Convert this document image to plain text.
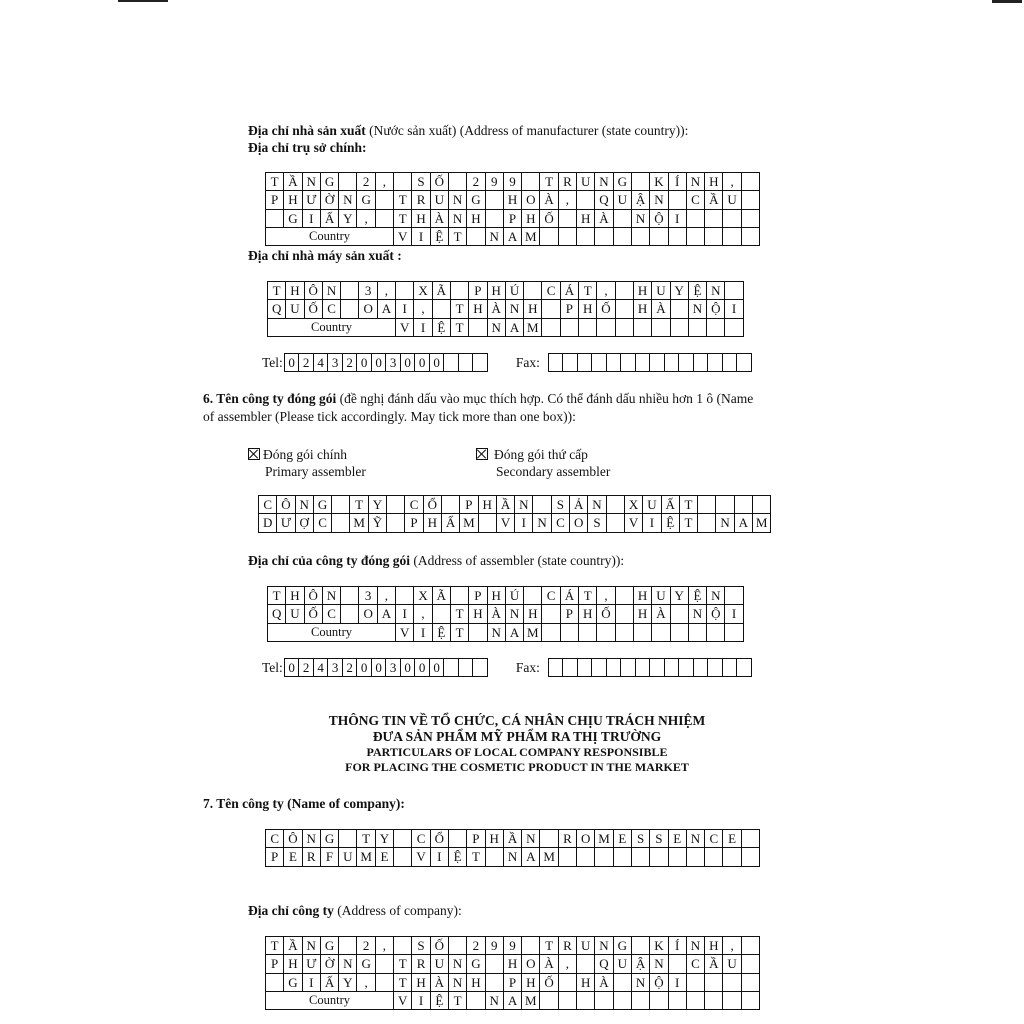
Địa chỉ nhà sản xuất (Nước sản xuất) (Address of manufacturer (state country)):
Địa chỉ trụ sở chính:
T Ầ N G	2	,	S Ố	2 9 9	T R U N G	K Í N H ,
P H Ư Ờ N G	T R U N G	H O À ,	Q U Ậ N	C Ầ U
G I Ấ Y ,	T H À N H	P H Ố	H À	N Ộ I
Country	V I Ệ T	N A M
Địa chỉ nhà máy sản xuất :
T H Ô N	3	,	X Ã	P H Ú	C Á T ,	H U Y Ệ N
Q U Ố C	O A I	,	T H À N H	P H Ố	H À	N Ộ I
Country	V I Ệ T	N A M
Tel: 0 2 4 3 2 0 0 3 0 0 0	Fax:
6. Tên công ty đóng gói (đề nghị đánh dấu vào mục thích hợp. Có thể đánh dấu nhiều hơn 1 ô (Name
of assembler (Please tick accordingly. May tick more than one box)):
Đóng gói chính
Primary assembler
Đóng gói thứ cấp
Secondary assembler
C Ô N G	T Y	C Ổ	P H Ầ N	S Ả N	X U Ấ T
D Ư Ợ C	M Ỹ	P H Ẩ M	V I N C O S	V I Ệ T	N A M
Địa chỉ của công ty đóng gói (Address of assembler (state country)):
T H Ô N	3	,	X Ã	P H Ú	C Á T ,	H U Y Ệ N
Q U Ố C	O A I	,	T H À N H	P H Ố	H À	N Ộ I
Country	V I Ệ T	N A M
Tel: 0 2 4 3 2 0 0 3 0 0 0	Fax:
THÔNG TIN VỀ TỔ CHỨC, CÁ NHÂN CHỊU TRÁCH NHIỆM
ĐƯA SẢN PHẨM MỸ PHẨM RA THỊ TRƯỜNG
PARTICULARS OF LOCAL COMPANY RESPONSIBLE
FOR PLACING THE COSMETIC PRODUCT IN THE MARKET
7. Tên công ty (Name of company):
C Ô N G	T Y	C Ổ	P H Ầ N	R O M E S S E N C E
P E R F U M E	V I Ệ T	N A M
Địa chỉ công ty (Address of company):
T Ầ N G	2	,	S Ố	2 9 9	T R U N G	K Í N H ,
P H Ư Ờ N G	T R U N G	H O À ,	Q U Ậ N	C Ầ U
G I Ấ Y ,	T H À N H	P H Ố	H À	N Ộ I
Country	V I Ệ T	N A M
